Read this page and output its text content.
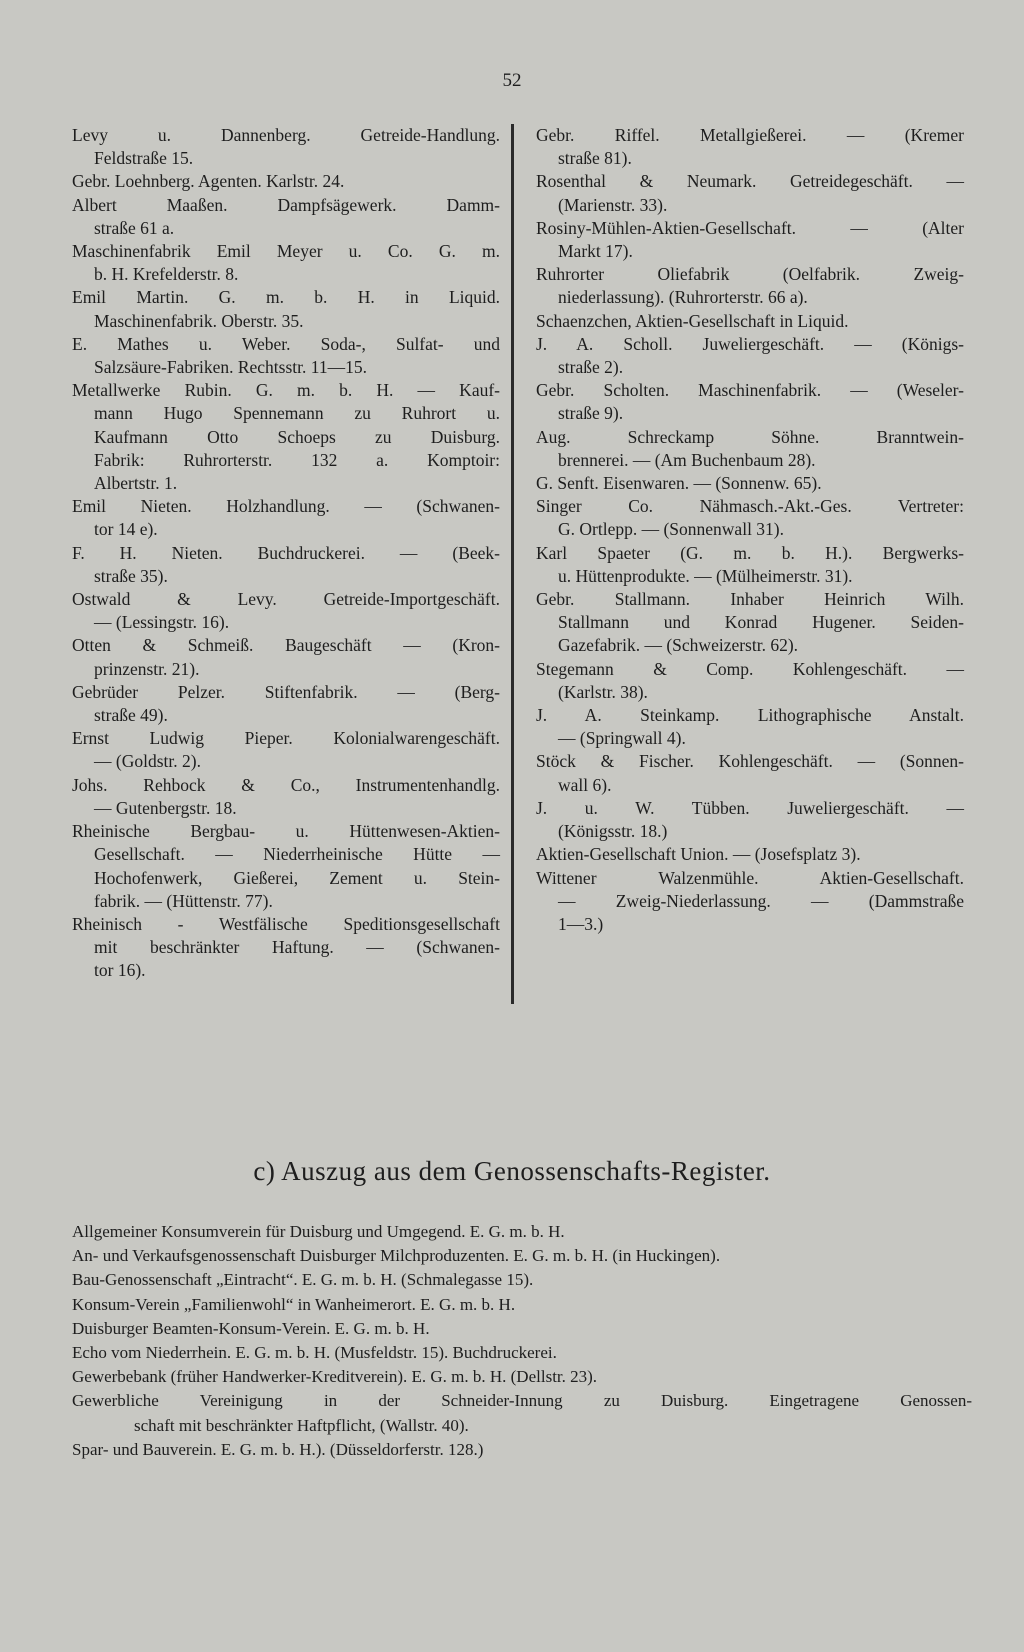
52
Levy u. Dannenberg. Getreide-Handlung.
Feldstraße 15.
Gebr. Loehnberg. Agenten. Karlstr. 24.
Albert Maaßen. Dampfsägewerk. Damm-
straße 61 a.
Maschinenfabrik Emil Meyer u. Co. G. m.
b. H. Krefelderstr. 8.
Emil Martin. G. m. b. H. in Liquid.
Maschinenfabrik. Oberstr. 35.
E. Mathes u. Weber. Soda-, Sulfat- und
Salzsäure-Fabriken. Rechtsstr. 11—15.
Metallwerke Rubin. G. m. b. H. — Kauf-
mann Hugo Spennemann zu Ruhrort u.
Kaufmann Otto Schoeps zu Duisburg.
Fabrik: Ruhrorterstr. 132 a. Komptoir:
Albertstr. 1.
Emil Nieten. Holzhandlung. — (Schwanen-
tor 14 e).
F. H. Nieten. Buchdruckerei. — (Beek-
straße 35).
Ostwald & Levy. Getreide-Importgeschäft.
— (Lessingstr. 16).
Otten & Schmeiß. Baugeschäft — (Kron-
prinzenstr. 21).
Gebrüder Pelzer. Stiftenfabrik. — (Berg-
straße 49).
Ernst Ludwig Pieper. Kolonialwarengeschäft.
— (Goldstr. 2).
Johs. Rehbock & Co., Instrumentenhandlg.
— Gutenbergstr. 18.
Rheinische Bergbau- u. Hüttenwesen-Aktien-
Gesellschaft. — Niederrheinische Hütte —
Hochofenwerk, Gießerei, Zement u. Stein-
fabrik. — (Hüttenstr. 77).
Rheinisch - Westfälische Speditionsgesellschaft
mit beschränkter Haftung. — (Schwanen-
tor 16).
Gebr. Riffel. Metallgießerei. — (Kremer
straße 81).
Rosenthal & Neumark. Getreidegeschäft. —
(Marienstr. 33).
Rosiny-Mühlen-Aktien-Gesellschaft. — (Alter
Markt 17).
Ruhrorter Oliefabrik (Oelfabrik. Zweig-
niederlassung). (Ruhrorterstr. 66 a).
Schaenzchen, Aktien-Gesellschaft in Liquid.
J. A. Scholl. Juweliergeschäft. — (Königs-
straße 2).
Gebr. Scholten. Maschinenfabrik. — (Weseler-
straße 9).
Aug. Schreckamp Söhne. Branntwein-
brennerei. — (Am Buchenbaum 28).
G. Senft. Eisenwaren. — (Sonnenw. 65).
Singer Co. Nähmasch.-Akt.-Ges. Vertreter:
G. Ortlepp. — (Sonnenwall 31).
Karl Spaeter (G. m. b. H.). Bergwerks-
u. Hüttenprodukte. — (Mülheimerstr. 31).
Gebr. Stallmann. Inhaber Heinrich Wilh.
Stallmann und Konrad Hugener. Seiden-
Gazefabrik. — (Schweizerstr. 62).
Stegemann & Comp. Kohlengeschäft. —
(Karlstr. 38).
J. A. Steinkamp. Lithographische Anstalt.
— (Springwall 4).
Stöck & Fischer. Kohlengeschäft. — (Sonnen-
wall 6).
J. u. W. Tübben. Juweliergeschäft. —
(Königsstr. 18.)
Aktien-Gesellschaft Union. — (Josefsplatz 3).
Wittener Walzenmühle. Aktien-Gesellschaft.
— Zweig-Niederlassung. — (Dammstraße
1—3.)
c) Auszug aus dem Genossenschafts-Register.
Allgemeiner Konsumverein für Duisburg und Umgegend. E. G. m. b. H.
An- und Verkaufsgenossenschaft Duisburger Milchproduzenten. E. G. m. b. H. (in Huckingen).
Bau-Genossenschaft „Eintracht“. E. G. m. b. H. (Schmalegasse 15).
Konsum-Verein „Familienwohl“ in Wanheimerort. E. G. m. b. H.
Duisburger Beamten-Konsum-Verein. E. G. m. b. H.
Echo vom Niederrhein. E. G. m. b. H. (Musfeldstr. 15). Buchdruckerei.
Gewerbebank (früher Handwerker-Kreditverein). E. G. m. b. H. (Dellstr. 23).
Gewerbliche Vereinigung in der Schneider-Innung zu Duisburg. Eingetragene Genossen-
schaft mit beschränkter Haftpflicht, (Wallstr. 40).
Spar- und Bauverein. E. G. m. b. H.). (Düsseldorferstr. 128.)
